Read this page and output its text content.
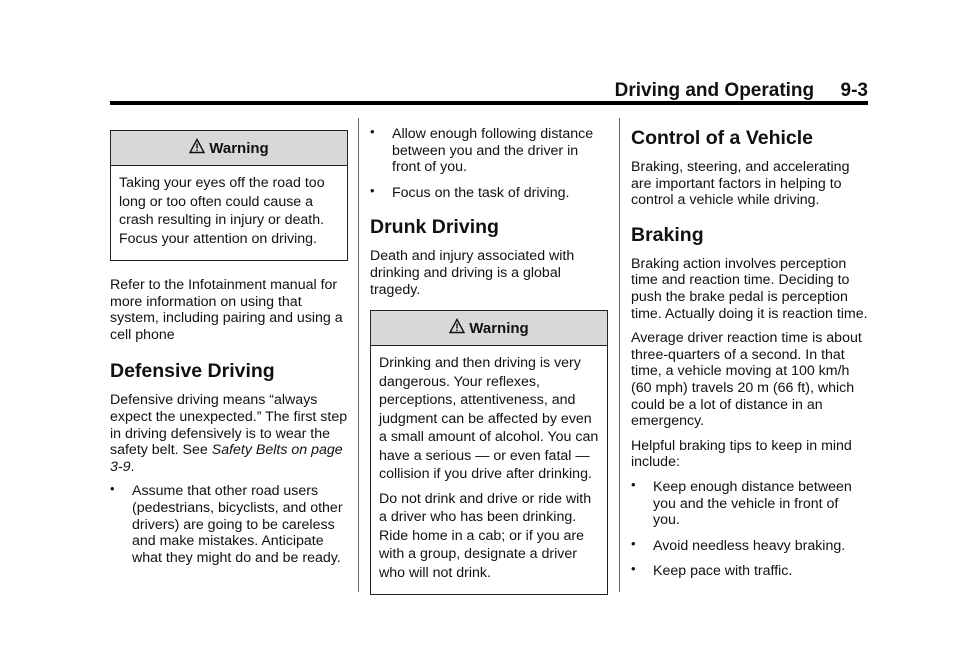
Driving and Operating     9-3
Warning

Taking your eyes off the road too long or too often could cause a crash resulting in injury or death. Focus your attention on driving.

Refer to the Infotainment manual for more information on using that system, including pairing and using a cell phone

Defensive Driving

Defensive driving means “always expect the unexpected.” The first step in driving defensively is to wear the safety belt. See Safety Belts on page 3-9.

• Assume that other road users (pedestrians, bicyclists, and other drivers) are going to be careless and make mistakes. Anticipate what they might do and be ready.
• Allow enough following distance between you and the driver in front of you.
• Focus on the task of driving.
Drunk Driving

Death and injury associated with drinking and driving is a global tragedy.

Warning

Drinking and then driving is very dangerous. Your reflexes, perceptions, attentiveness, and judgment can be affected by even a small amount of alcohol. You can have a serious — or even fatal — collision if you drive after drinking.

Do not drink and drive or ride with a driver who has been drinking. Ride home in a cab; or if you are with a group, designate a driver who will not drink.

Control of a Vehicle

Braking, steering, and accelerating are important factors in helping to control a vehicle while driving.

Braking

Braking action involves perception time and reaction time. Deciding to push the brake pedal is perception time. Actually doing it is reaction time.

Average driver reaction time is about three-quarters of a second. In that time, a vehicle moving at 100 km/h (60 mph) travels 20 m (66 ft), which could be a lot of distance in an emergency.

Helpful braking tips to keep in mind include:

• Keep enough distance between you and the vehicle in front of you.
• Avoid needless heavy braking.
• Keep pace with traffic.
